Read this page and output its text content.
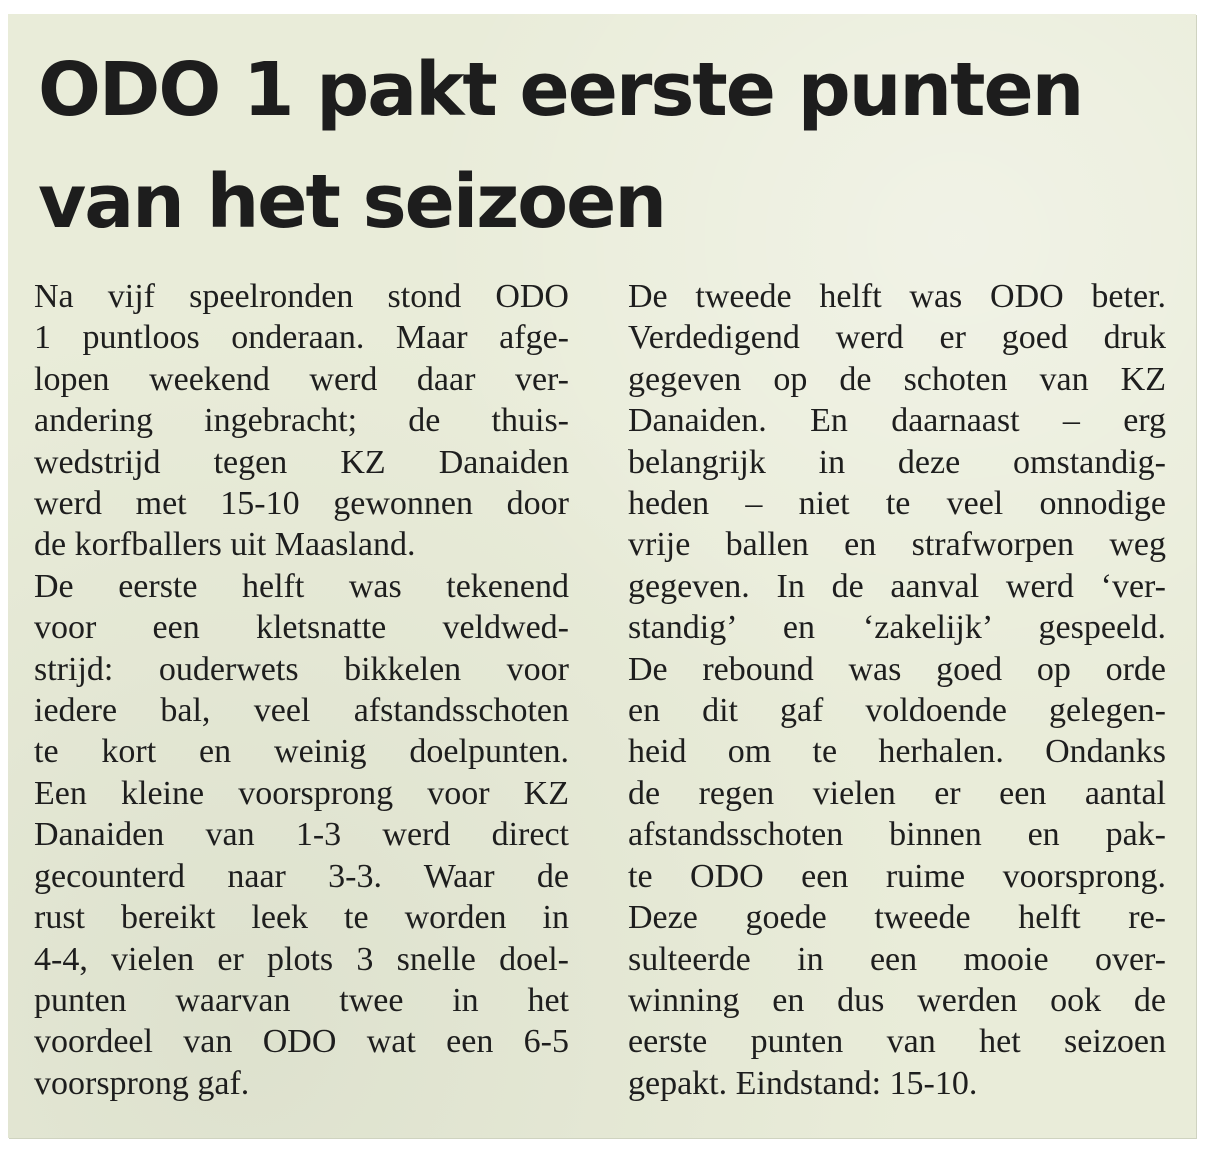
ODO 1 pakt eerste punten
van het seizoen
Na vijf speelronden stond ODO
1 puntloos onderaan. Maar afge-
lopen weekend werd daar ver-
andering ingebracht; de thuis-
wedstrijd tegen KZ Danaiden
werd met 15-10 gewonnen door
de korfballers uit Maasland.
De eerste helft was tekenend
voor een kletsnatte veldwed-
strijd: ouderwets bikkelen voor
iedere bal, veel afstandsschoten
te kort en weinig doelpunten.
Een kleine voorsprong voor KZ
Danaiden van 1-3 werd direct
gecounterd naar 3-3. Waar de
rust bereikt leek te worden in
4-4, vielen er plots 3 snelle doel-
punten waarvan twee in het
voordeel van ODO wat een 6-5
voorsprong gaf.
De tweede helft was ODO beter.
Verdedigend werd er goed druk
gegeven op de schoten van KZ
Danaiden. En daarnaast – erg
belangrijk in deze omstandig-
heden – niet te veel onnodige
vrije ballen en strafworpen weg
gegeven. In de aanval werd ‘ver-
standig’ en ‘zakelijk’ gespeeld.
De rebound was goed op orde
en dit gaf voldoende gelegen-
heid om te herhalen. Ondanks
de regen vielen er een aantal
afstandsschoten binnen en pak-
te ODO een ruime voorsprong.
Deze goede tweede helft re-
sulteerde in een mooie over-
winning en dus werden ook de
eerste punten van het seizoen
gepakt. Eindstand: 15-10.
